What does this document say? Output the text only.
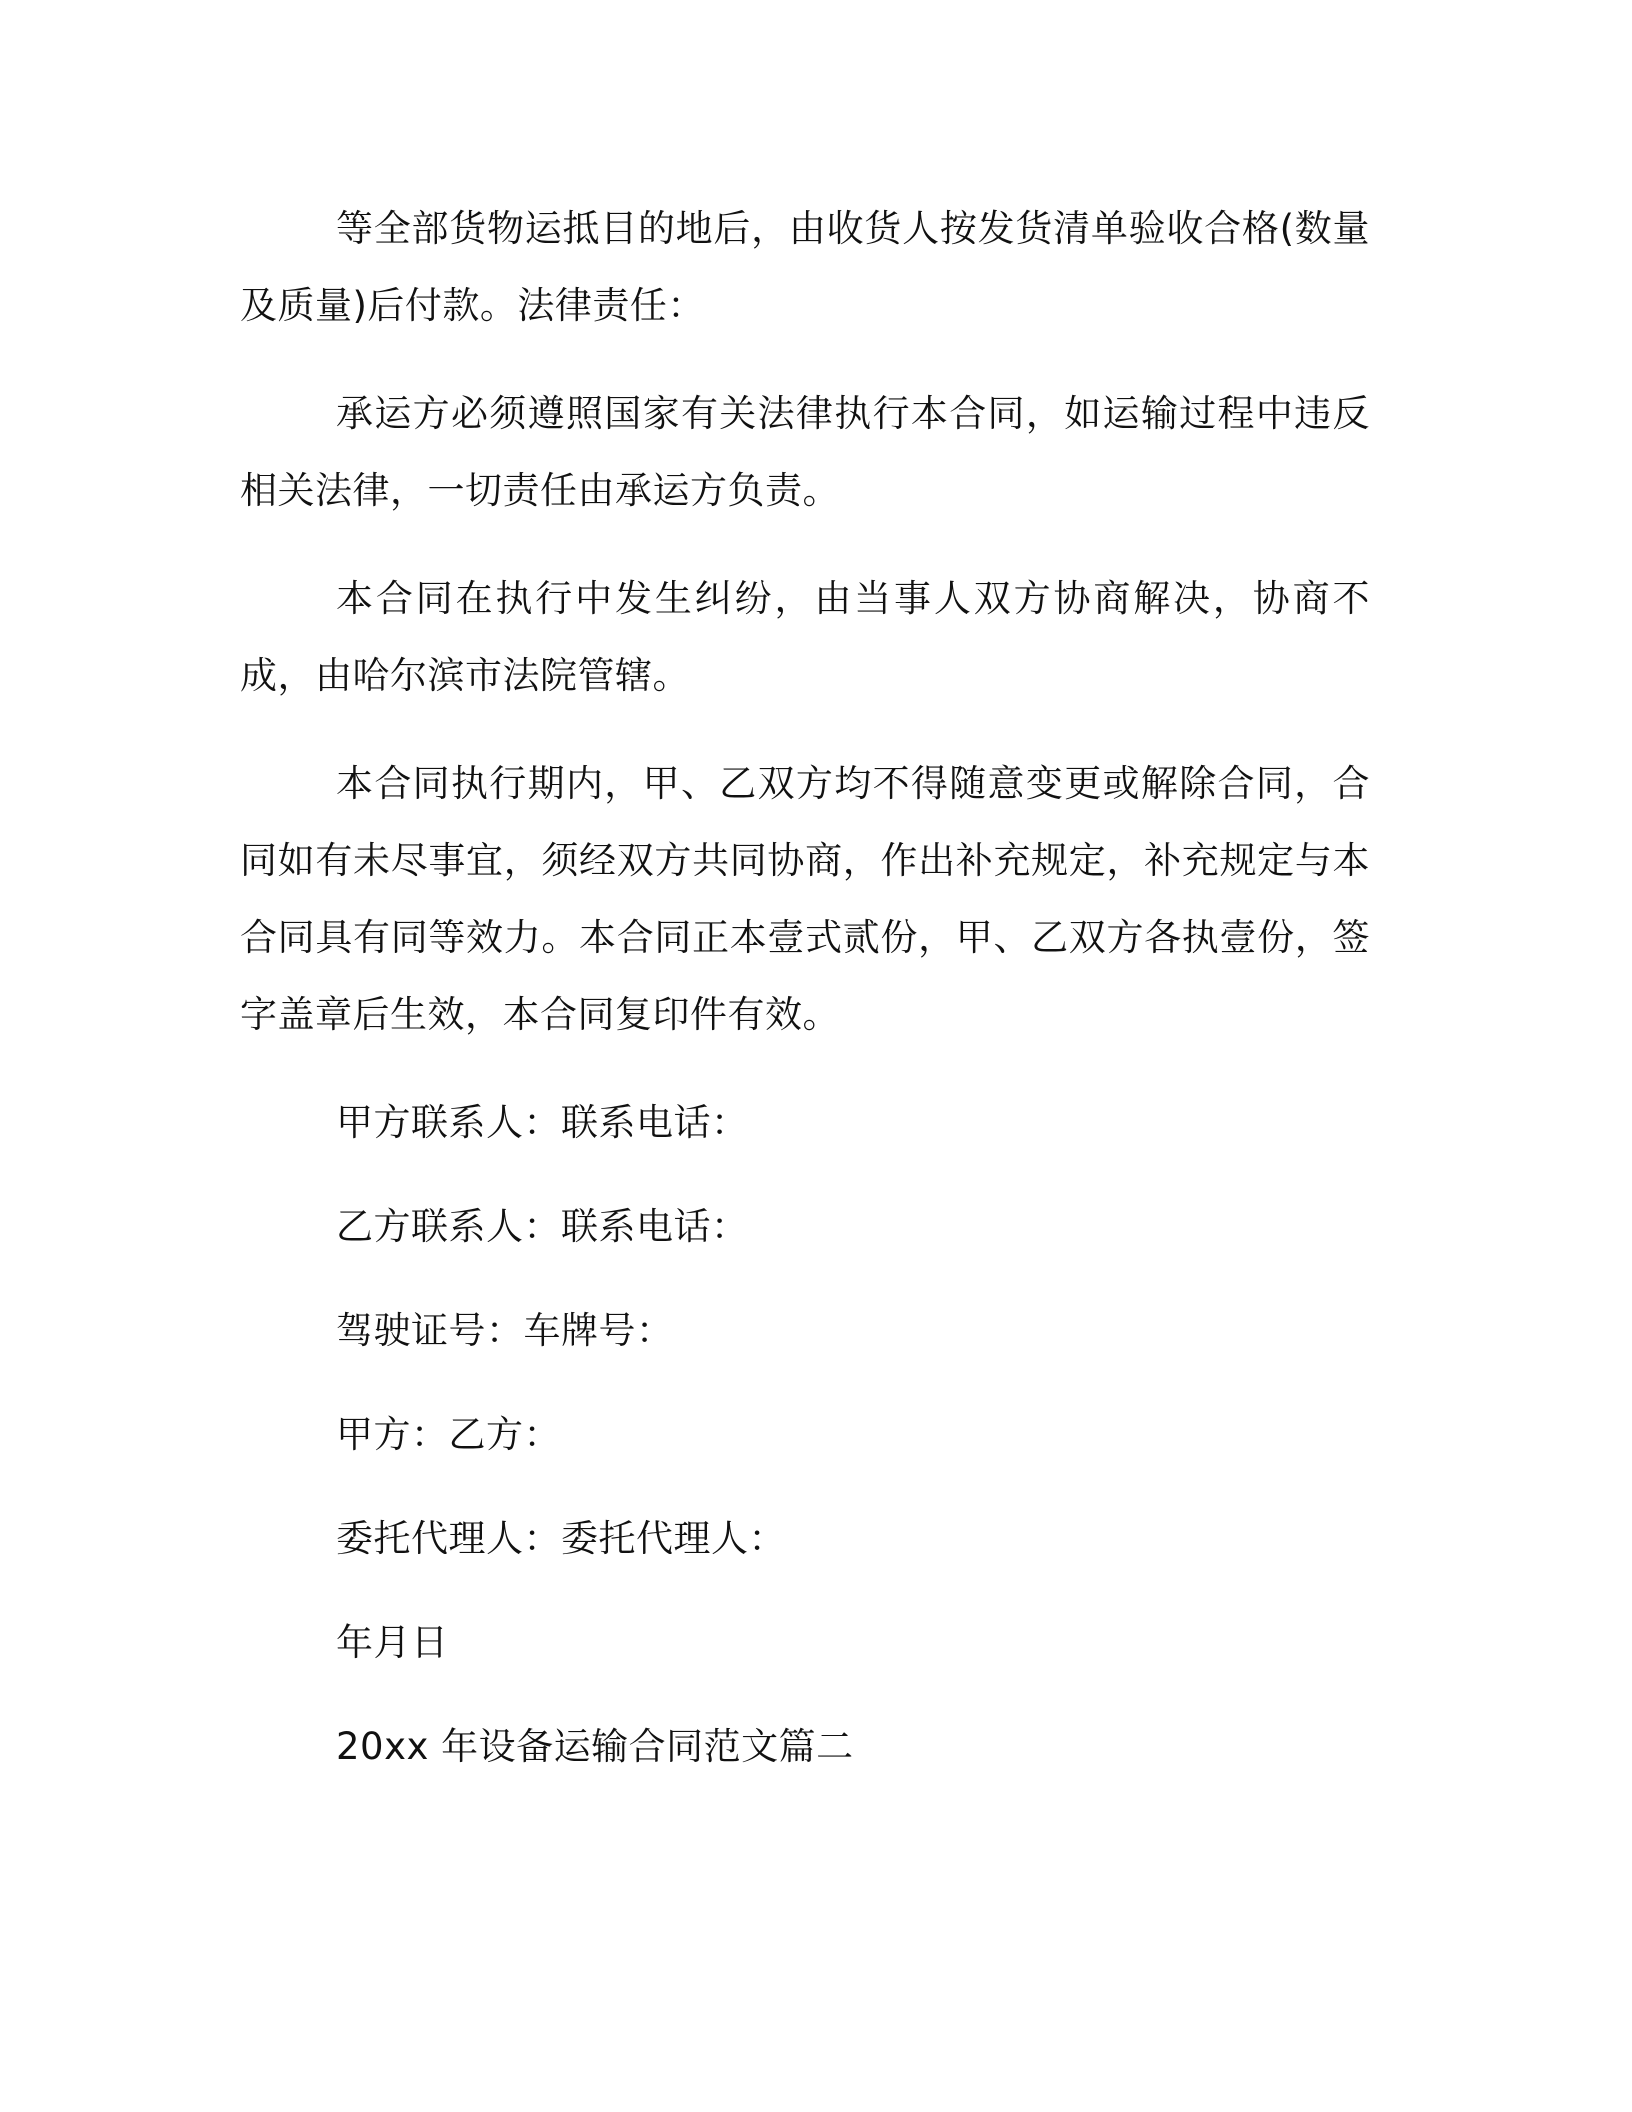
等全部货物运抵目的地后，由收货人按发货清单验收合格(数量及质量)后付款。法律责任：

承运方必须遵照国家有关法律执行本合同，如运输过程中违反相关法律，一切责任由承运方负责。

本合同在执行中发生纠纷，由当事人双方协商解决，协商不成，由哈尔滨市法院管辖。

本合同执行期内，甲、乙双方均不得随意变更或解除合同，合同如有未尽事宜，须经双方共同协商，作出补充规定，补充规定与本合同具有同等效力。本合同正本壹式贰份，甲、乙双方各执壹份，签字盖章后生效，本合同复印件有效。

甲方联系人：联系电话：

乙方联系人：联系电话：

驾驶证号：车牌号：

甲方：乙方：

委托代理人：委托代理人：

年月日

20xx 年设备运输合同范文篇二
